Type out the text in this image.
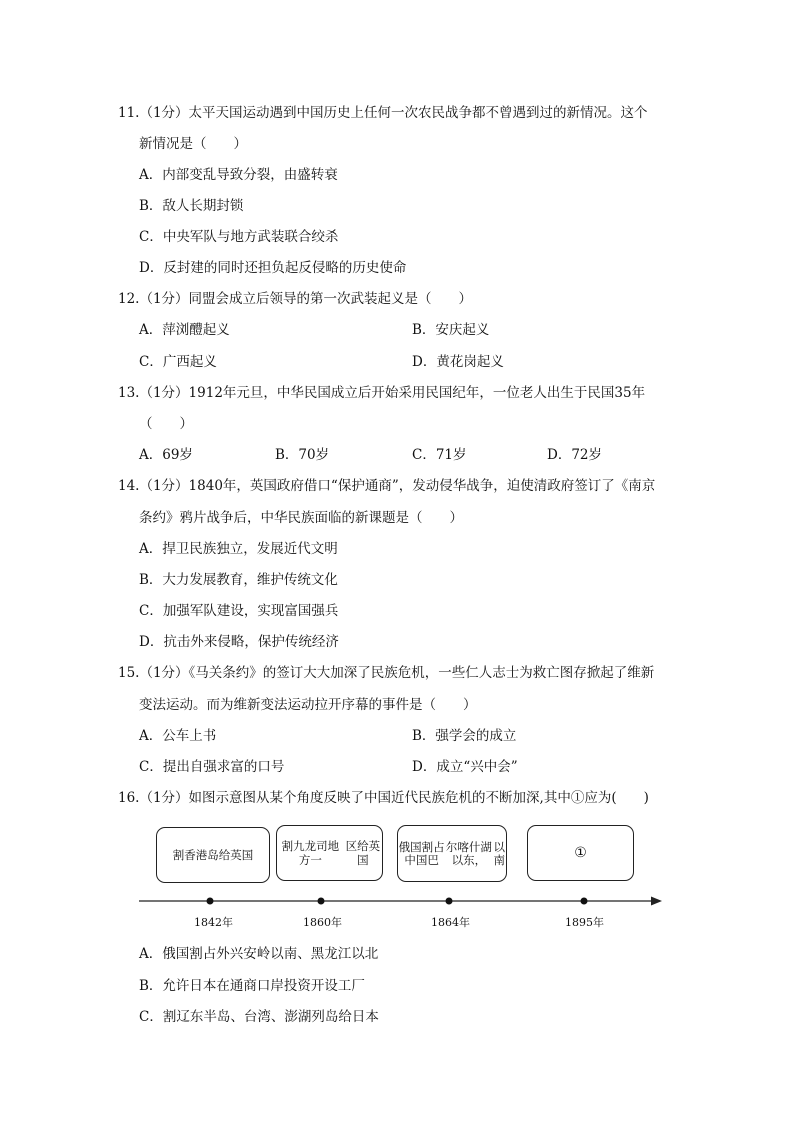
11.（1分）太平天国运动遇到中国历史上任何一次农民战争都不曾遇到过的新情况。这个
新情况是（　　）
A．内部变乱导致分裂，由盛转衰
B．敌人长期封锁
C．中央军队与地方武装联合绞杀
D．反封建的同时还担负起反侵略的历史使命
12.（1分）同盟会成立后领导的第一次武装起义是（　　）
A．萍浏醴起义	B．安庆起义
C．广西起义	D．黄花岗起义
13.（1分）1912年元旦，中华民国成立后开始采用民国纪年，一位老人出生于民国35年
（　　）
A．69岁	B．70岁	C．71岁	D．72岁
14.（1分）1840年，英国政府借口“保护通商”，发动侵华战争，迫使清政府签订了《南京
条约》鸦片战争后，中华民族面临的新课题是（　　）
A．捍卫民族独立，发展近代文明
B．大力发展教育，维护传统文化
C．加强军队建设，实现富国强兵
D．抗击外来侵略，保护传统经济
15.（1分）《马关条约》的签订大大加深了民族危机，一些仁人志士为救亡图存掀起了维新
变法运动。而为维新变法运动拉开序幕的事件是（　　）
A．公车上书	B．强学会的成立
C．提出自强求富的口号	D．成立“兴中会”
16.（1分）如图示意图从某个角度反映了中国近代民族危机的不断加深,其中①应为(　　)
割香港岛给英国
割九龙司地方一
区给英国
俄国割占中国巴
尔喀什湖以东，
以南	①
1842年	1860年	1864年	1895年
A．俄国割占外兴安岭以南、黑龙江以北
B．允许日本在通商口岸投资开设工厂
C．割辽东半岛、台湾、澎湖列岛给日本
